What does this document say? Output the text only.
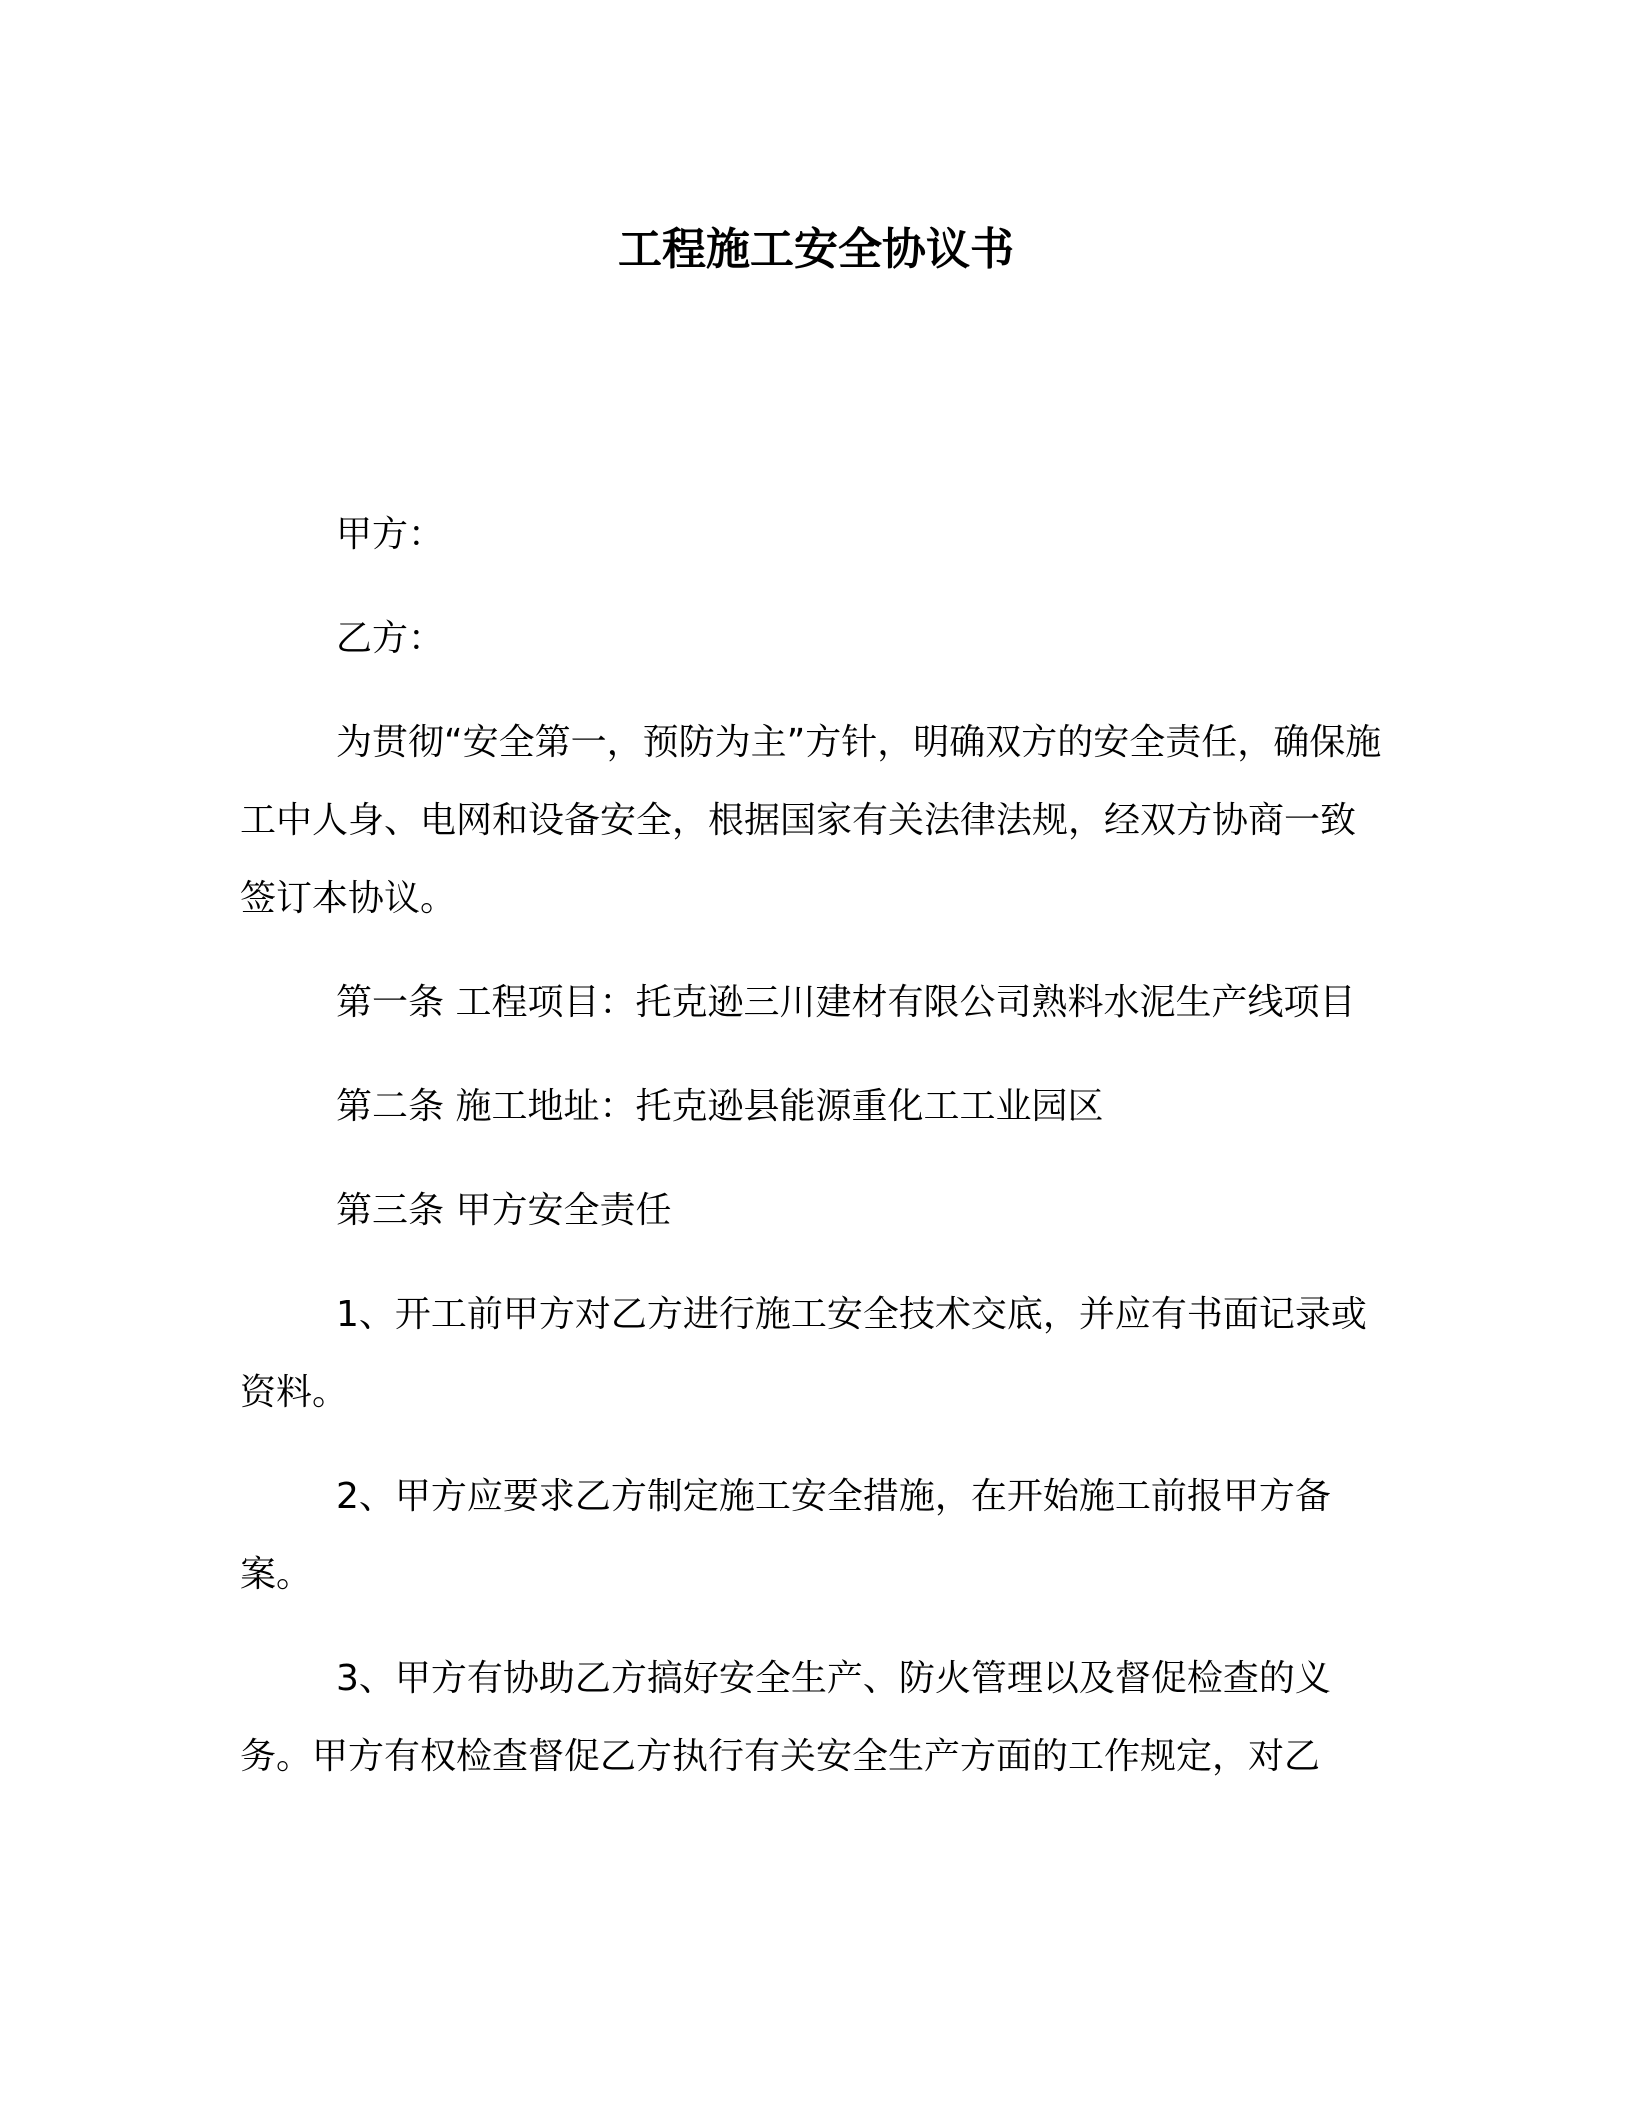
工程施工安全协议书

甲方：

乙方：

为贯彻“安全第一，预防为主”方针，明确双方的安全责任，确保施工中人身、电网和设备安全，根据国家有关法律法规，经双方协商一致签订本协议。

第一条 工程项目：托克逊三川建材有限公司熟料水泥生产线项目

第二条 施工地址：托克逊县能源重化工工业园区

第三条 甲方安全责任

1、开工前甲方对乙方进行施工安全技术交底，并应有书面记录或资料。

2、甲方应要求乙方制定施工安全措施，在开始施工前报甲方备案。

3、甲方有协助乙方搞好安全生产、防火管理以及督促检查的义务。甲方有权检查督促乙方执行有关安全生产方面的工作规定，对乙
